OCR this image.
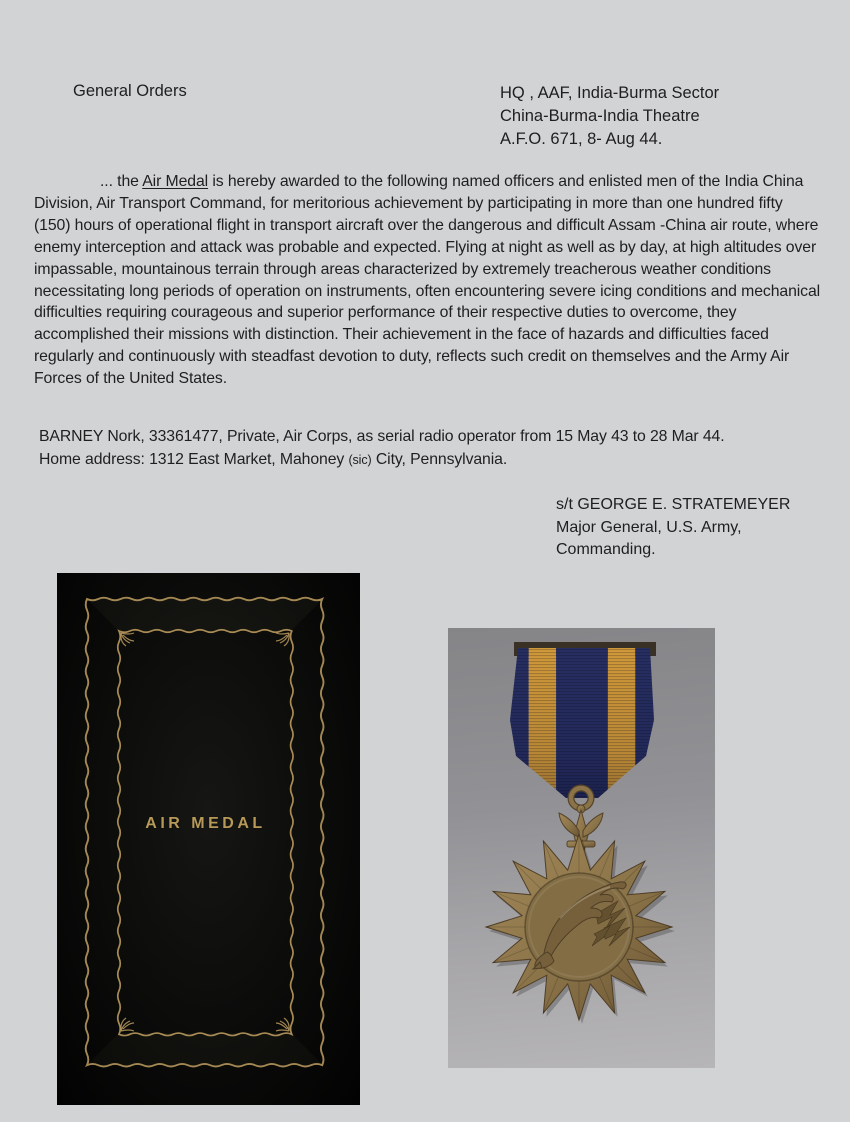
General Orders	HQ , AAF, India-Burma Sector
China-Burma-India Theatre
A.F.O. 671, 8- Aug 44.
... the Air Medal is hereby awarded to the following named officers and enlisted men of the India China Division, Air Transport Command, for meritorious achievement by participating in more than one hundred fifty (150) hours of operational flight in transport aircraft over the dangerous and difficult Assam -China air route, where enemy interception and attack was probable and expected. Flying at night as well as by day, at high altitudes over impassable, mountainous terrain through areas characterized by extremely treacherous weather conditions necessitating long periods of operation on instruments, often encountering severe icing conditions and mechanical difficulties requiring courageous and superior performance of their respective duties to overcome, they accomplished their missions with distinction. Their achievement in the face of hazards and difficulties faced regularly and continuously with steadfast devotion to duty, reflects such credit on themselves and the Army Air Forces of the United States.
BARNEY Nork, 33361477, Private, Air Corps, as serial radio operator from 15 May 43 to 28 Mar 44.
Home address: 1312 East Market, Mahoney (sic) City, Pennsylvania.
s/t GEORGE E. STRATEMEYER
Major General, U.S. Army,
Commanding.
AIR MEDAL
